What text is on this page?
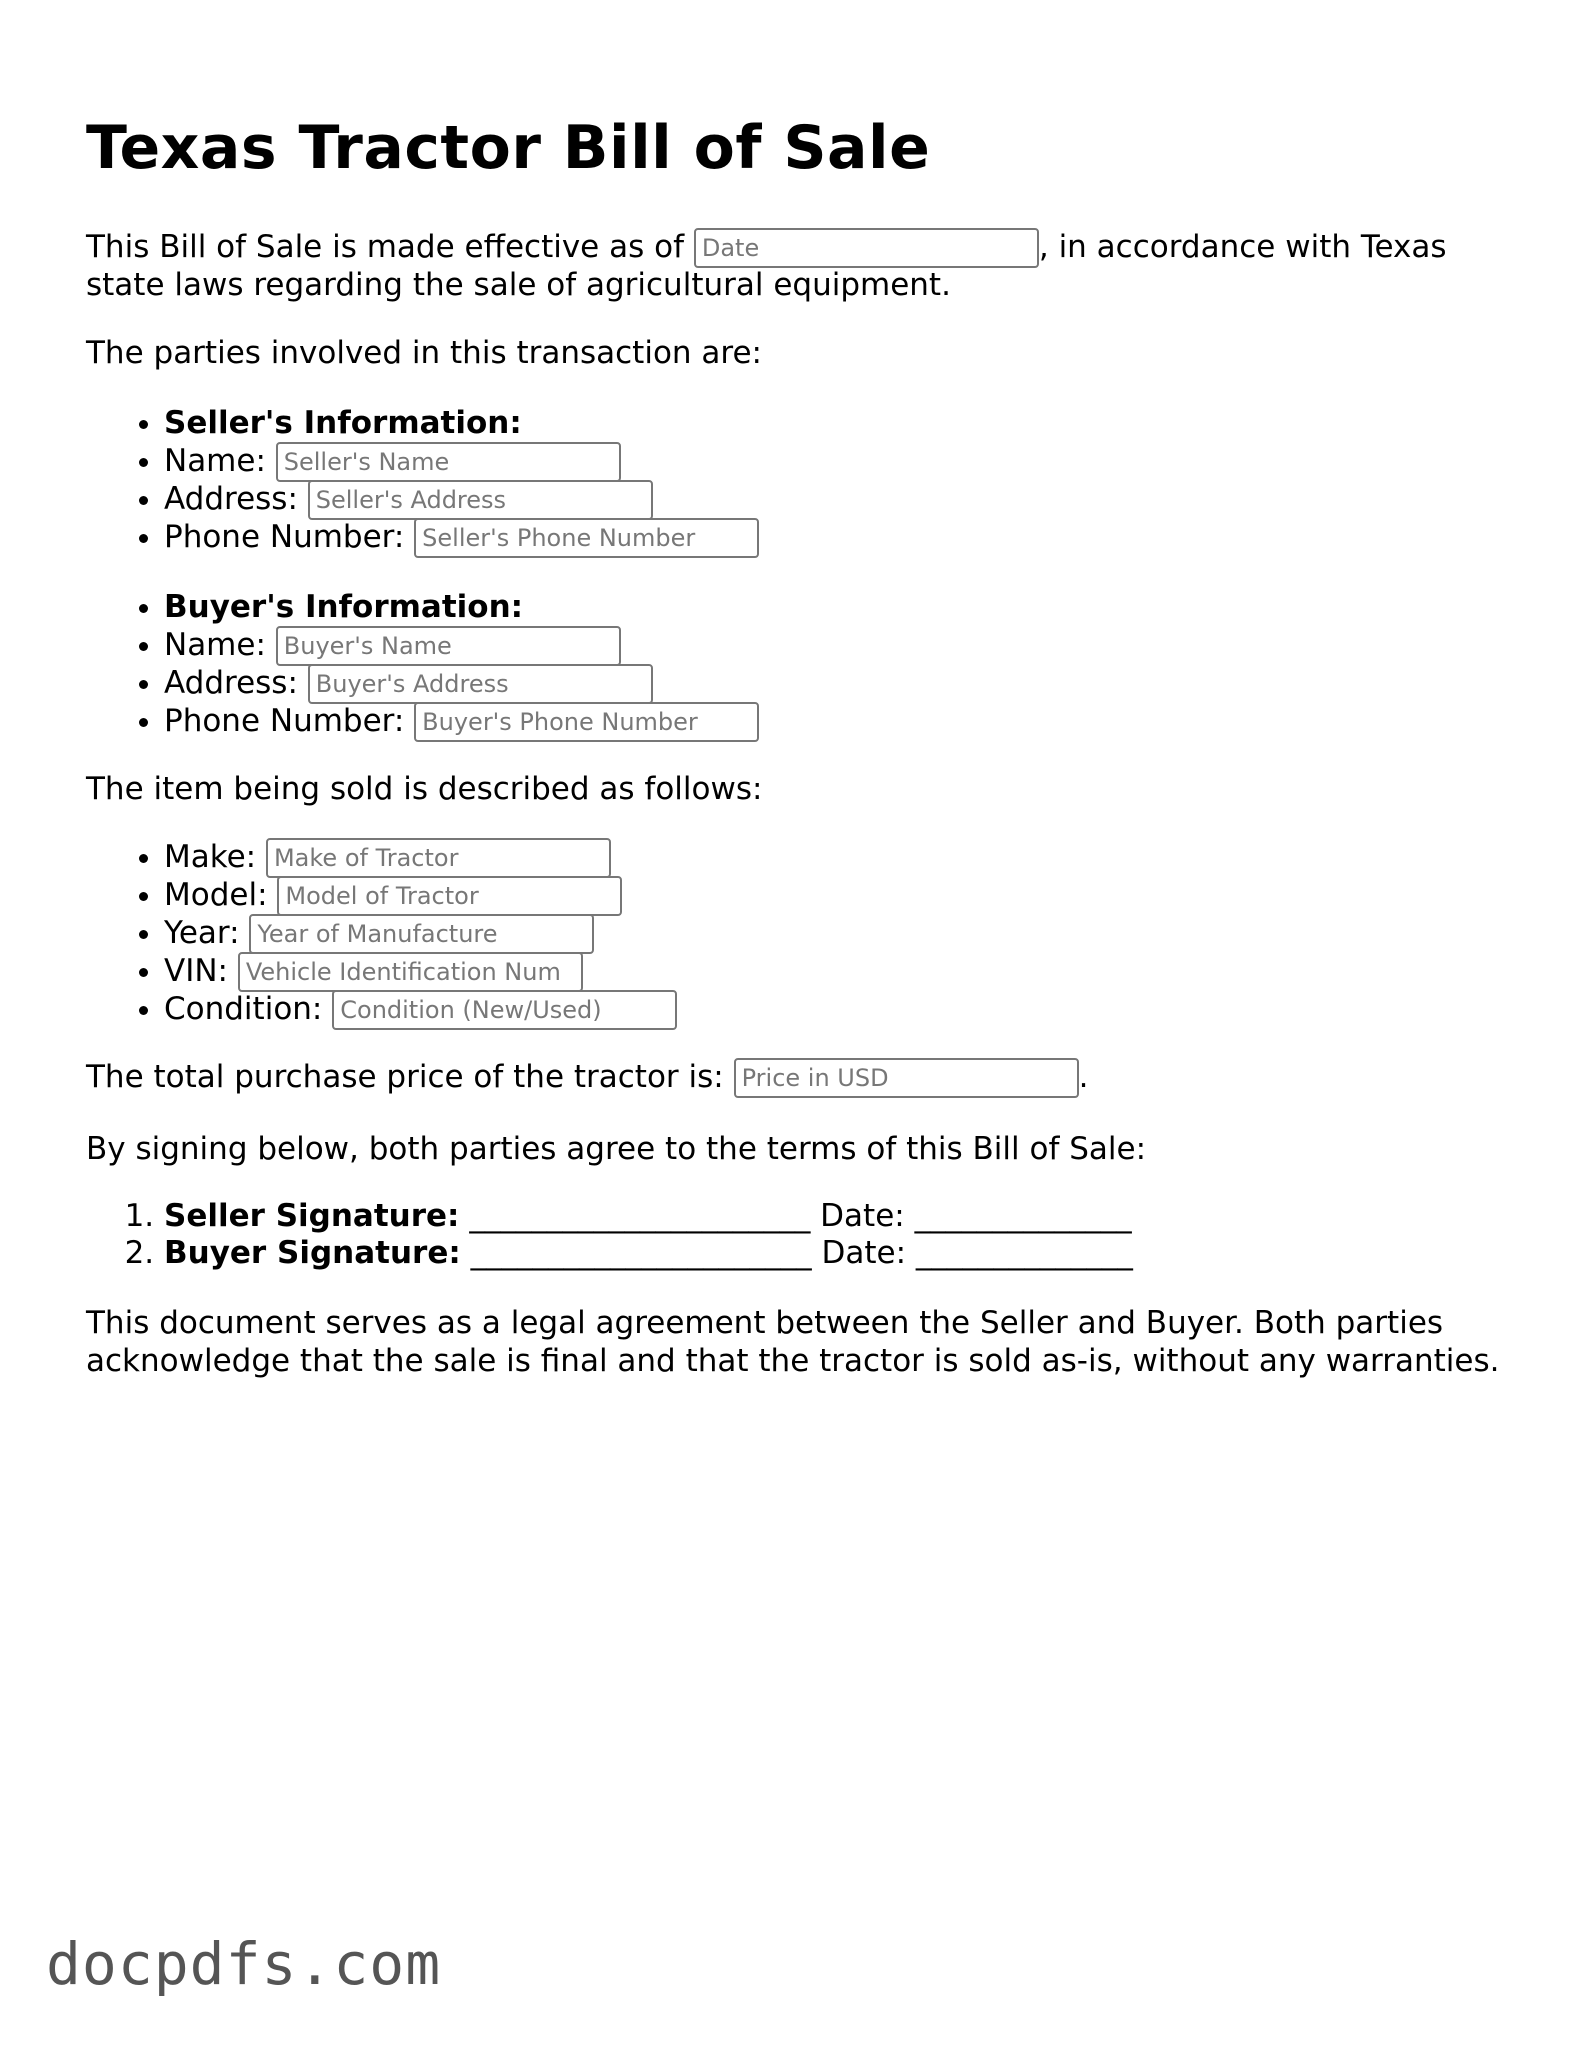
Texas Tractor Bill of Sale

This Bill of Sale is made effective as of Date	, in accordance with Texas state laws regarding the sale of agricultural equipment.

The parties involved in this transaction are:

• Seller's Information:
• Name: Seller's Name
• Address: Seller's Address
• Phone Number: Seller's Phone Number
• Buyer's Information:
• Name: Buyer's Name
• Address: Buyer's Address
• Phone Number: Buyer's Phone Number

The item being sold is described as follows:

• Make: Make of Tractor
• Model: Model of Tractor
• Year: Year of Manufacture
• VIN: Vehicle Identification Num
• Condition: Condition (New/Used)

The total purchase price of the tractor is: Price in USD	.

By signing below, both parties agree to the terms of this Bill of Sale:

1. Seller Signature: ______________________ Date: ______________
2. Buyer Signature: ______________________ Date: ______________

This document serves as a legal agreement between the Seller and Buyer. Both parties acknowledge that the sale is final and that the tractor is sold as-is, without any warranties.

docpdfs.com
